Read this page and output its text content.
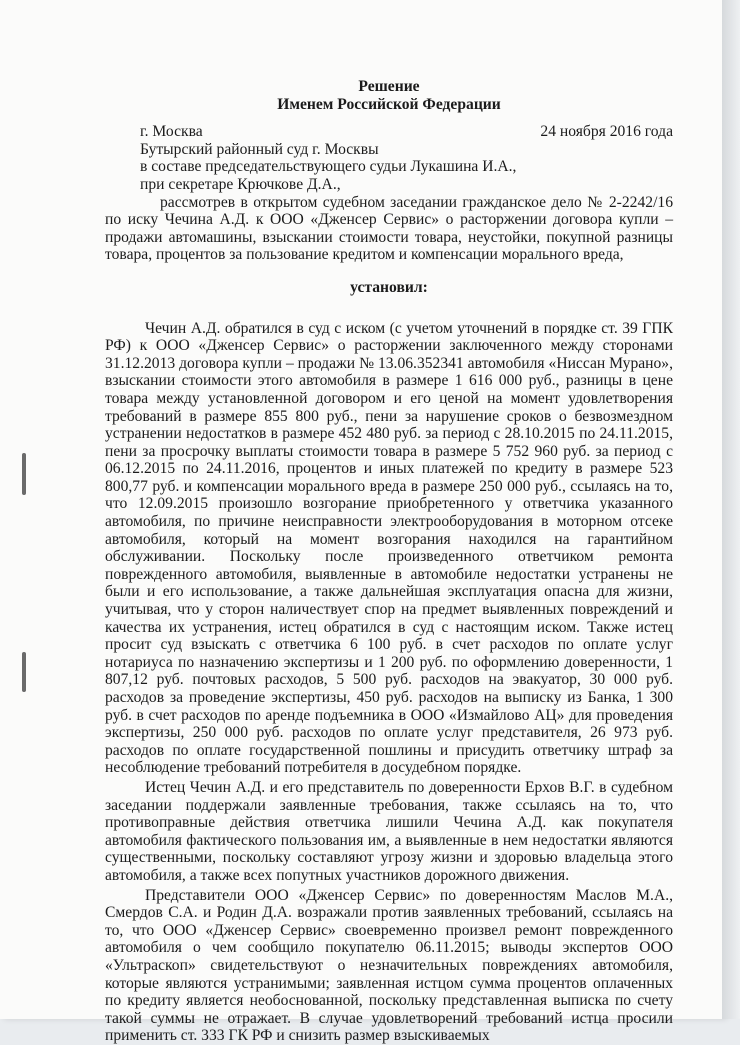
Решение

Именем Российской Федерации

г. Москва	24 ноября 2016 года

Бутырский районный суд г. Москвы

в составе председательствующего судьи Лукашина И.А.,

при секретаре Крючкове Д.А.,

рассмотрев в открытом судебном заседании гражданское дело № 2-2242/16 по иску Чечина А.Д. к ООО «Джeнсер Сервис» о расторжении договора купли – продажи автомашины, взыскании стоимости товара, неустойки, покупной разницы товара, процентов за пользование кредитом и компенсации морального вреда,

установил:

Чечин А.Д. обратился в суд с иском (с учетом уточнений в порядке ст. 39 ГПК РФ) к ООО «Дженсер Сервис» о расторжении заключенного между сторонами 31.12.2013 договора купли – продажи № 13.06.352341 автомобиля «Ниссан Мурано», взыскании стоимости этого автомобиля в размере 1 616 000 руб., разницы в цене товара между установленной договором и его ценой на момент удовлетворения требований в размере 855 800 руб., пени за нарушение сроков о безвозмездном устранении недостатков в размере 452 480 руб. за период с 28.10.2015 по 24.11.2015, пени за просрочку выплаты стоимости товара в размере 5 752 960 руб. за период с 06.12.2015 по 24.11.2016, процентов и иных платежей по кредиту в размере 523 800,77 руб. и компенсации морального вреда в размере 250 000 руб., ссылаясь на то, что 12.09.2015 произошло возгорание приобретенного у ответчика указанного автомобиля, по причине неисправности электрооборудования в моторном отсеке автомобиля, который на момент возгорания находился на гарантийном обслуживании. Поскольку после произведенного ответчиком ремонта поврежденного автомобиля, выявленные в автомобиле недостатки устранены не были и его использование, а также дальнейшая эксплуатация опасна для жизни, учитывая, что у сторон наличествует спор на предмет выявленных повреждений и качества их устранения, истец обратился в суд с настоящим иском. Также истец просит суд взыскать с ответчика 6 100 руб. в счет расходов по оплате услуг нотариуса по назначению экспертизы и 1 200 руб. по оформлению доверенности, 1 807,12 руб. почтовых расходов, 5 500 руб. расходов на эвакуатор, 30 000 руб. расходов за проведение экспертизы, 450 руб. расходов на выписку из Банка, 1 300 руб. в счет расходов по аренде подъемника в ООО «Измайлово АЦ» для проведения экспертизы, 250 000 руб. расходов по оплате услуг представителя, 26 973 руб. расходов по оплате государственной пошлины и присудить ответчику штраф за несоблюдение требований потребителя в досудебном порядке.

Истец Чечин А.Д. и его представитель по доверенности Ерхов В.Г. в судебном заседании поддержали заявленные требования, также ссылаясь на то, что противоправные действия ответчика лишили Чечина А.Д. как покупателя автомобиля фактического пользования им, а выявленные в нем недостатки являются существенными, поскольку составляют угрозу жизни и здоровью владельца этого автомобиля, а также всех попутных участников дорожного движения.

Представители ООО «Дженсер Сервис» по доверенностям Маслов М.А., Смердов С.А. и Родин Д.А. возражали против заявленных требований, ссылаясь на то, что ООО «Дженсер Сервис» своевременно произвел ремонт поврежденного автомобиля о чем сообщило покупателю 06.11.2015; выводы экспертов ООО «Ультраскоп» свидетельствуют о незначительных повреждениях автомобиля, которые являются устранимыми; заявленная истцом сумма процентов оплаченных по кредиту является необоснованной, поскольку представленная выписка по счету такой суммы не отражает. В случае удовлетворений требований истца просили применить ст. 333 ГК РФ и снизить размер взыскиваемых
